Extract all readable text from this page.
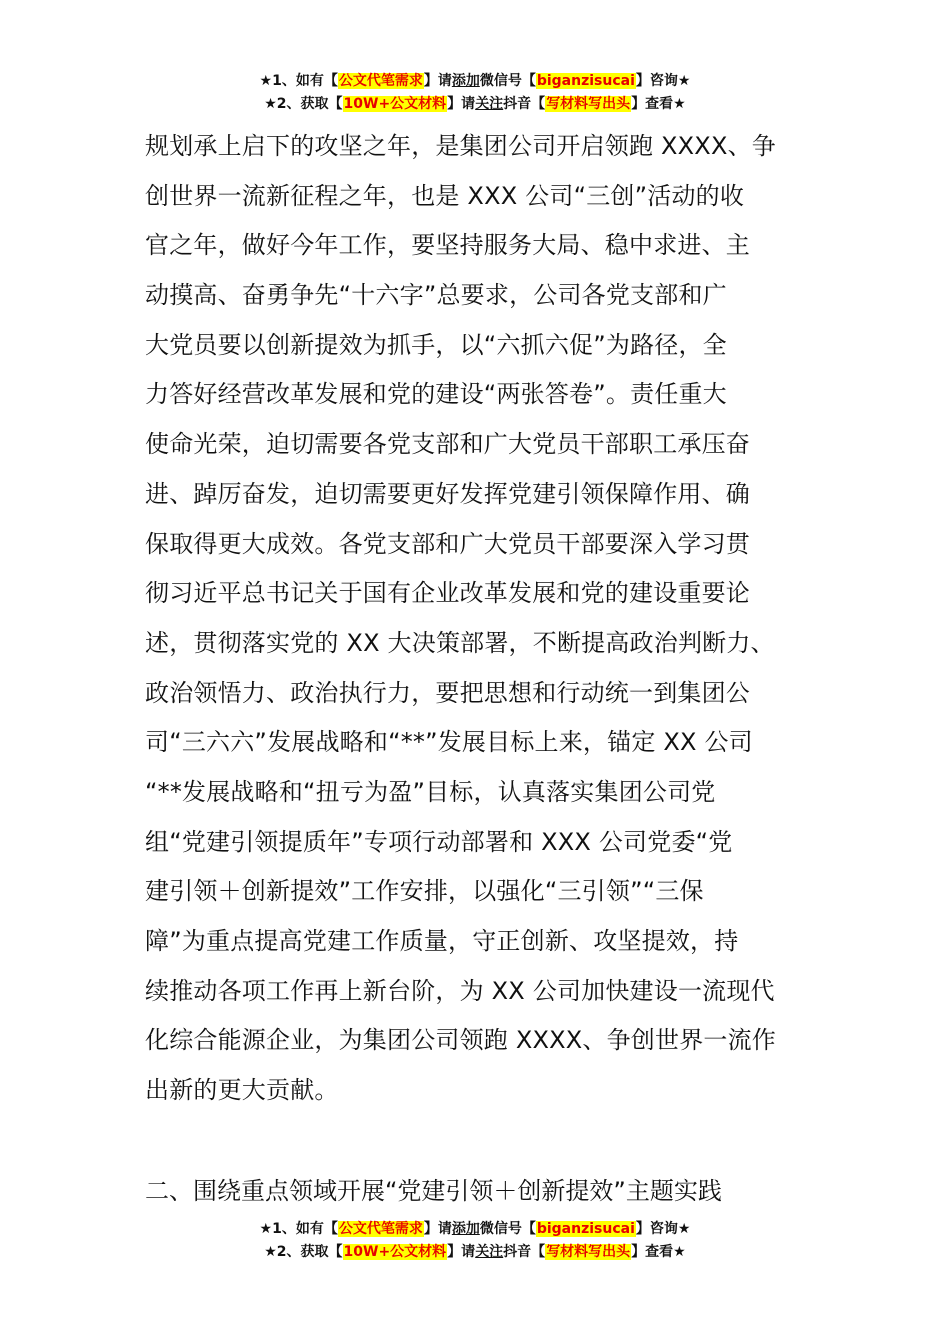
★1、如有【公文代笔需求】请添加微信号【biganzisucai】咨询★
★2、获取【10W+公文材料】请关注抖音【写材料写出头】查看★
规划承上启下的攻坚之年，是集团公司开启领跑 XXXX、争
创世界一流新征程之年，也是 XXX 公司“三创”活动的收
官之年，做好今年工作，要坚持服务大局、稳中求进、主
动摸高、奋勇争先“十六字”总要求，公司各党支部和广
大党员要以创新提效为抓手，以“六抓六促”为路径，全
力答好经营改革发展和党的建设“两张答卷”。责任重大
使命光荣，迫切需要各党支部和广大党员干部职工承压奋
进、踔厉奋发，迫切需要更好发挥党建引领保障作用、确
保取得更大成效。各党支部和广大党员干部要深入学习贯
彻习近平总书记关于国有企业改革发展和党的建设重要论
述，贯彻落实党的 XX 大决策部署，不断提高政治判断力、
政治领悟力、政治执行力，要把思想和行动统一到集团公
司“三六六”发展战略和“**”发展目标上来，锚定 XX 公司
“**发展战略和“扭亏为盈”目标，认真落实集团公司党
组“党建引领提质年”专项行动部署和 XXX 公司党委“党
建引领＋创新提效”工作安排，以强化“三引领”“三保
障”为重点提高党建工作质量，守正创新、攻坚提效，持
续推动各项工作再上新台阶，为 XX 公司加快建设一流现代
化综合能源企业，为集团公司领跑 XXXX、争创世界一流作
出新的更大贡献。
二、围绕重点领域开展“党建引领＋创新提效”主题实践
★1、如有【公文代笔需求】请添加微信号【biganzisucai】咨询★
★2、获取【10W+公文材料】请关注抖音【写材料写出头】查看★
